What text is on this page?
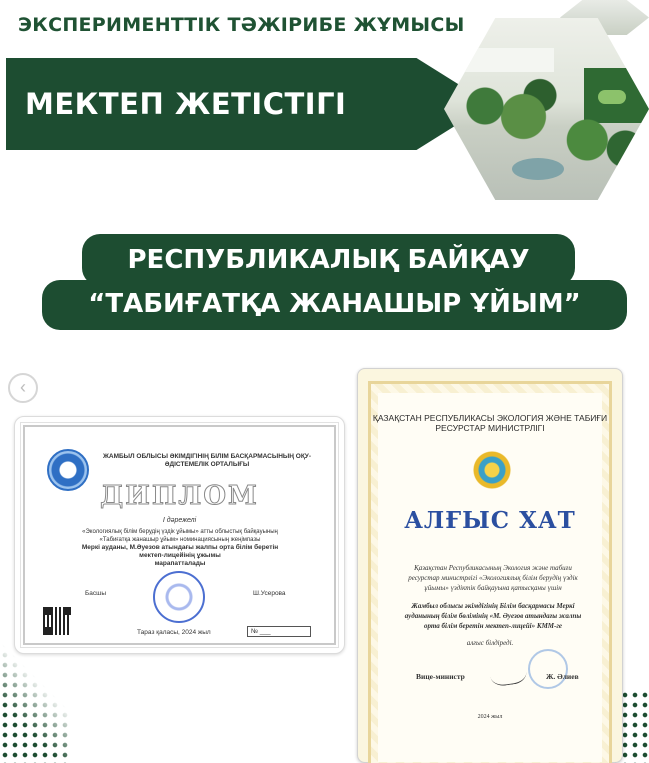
ЭКСПЕРИМЕНТТІК ТӘЖІРИБЕ ЖҰМЫСЫ
МЕКТЕП ЖЕТІСТІГІ
РЕСПУБЛИКАЛЫҚ БАЙҚАУ
“ТАБИҒАТҚА ЖАНАШЫР ҰЙЫМ”
‹
ЖАМБЫЛ ОБЛЫСЫ ӘКІМДІГІНІҢ БІЛІМ БАСҚАРМАСЫНЫҢ ОҚУ-ӘДІСТЕМЕЛІК ОРТАЛЫҒЫ
ДИПЛОМ
I дәрежелі
«Экологиялық білім берудің үздік ұйымы» атты облыстық байқауының
«Табиғатқа жанашыр ұйым» номинациясының жеңімпазы
Меркі ауданы, М.Әуезов атындағы жалпы орта білім беретін
мектеп-лицейінің ұжымы
марапатталады
Басшы	Ш.Усерова
Тараз қаласы, 2024 жыл	№ ___
ҚАЗАҚСТАН РЕСПУБЛИКАСЫ ЭКОЛОГИЯ ЖӘНЕ ТАБИҒИ РЕСУРСТАР МИНИСТРЛІГІ
АЛҒЫС ХАТ
Қазақстан Республикасының Экология және табиғи ресурстар министрлігі «Экологиялық білім берудің үздік ұйымы» үздіктік байқауына қатысқаны үшін
Жамбыл облысы әкімдігінің Білім басқармасы Меркі ауданының білім бөлімінің «М. Әуезов атындағы жалпы орта білім беретін мектеп-лицейі» КММ-ге
алғыс білдіреді.
Вице-министр	Ж. Әлиев
2024 жыл
